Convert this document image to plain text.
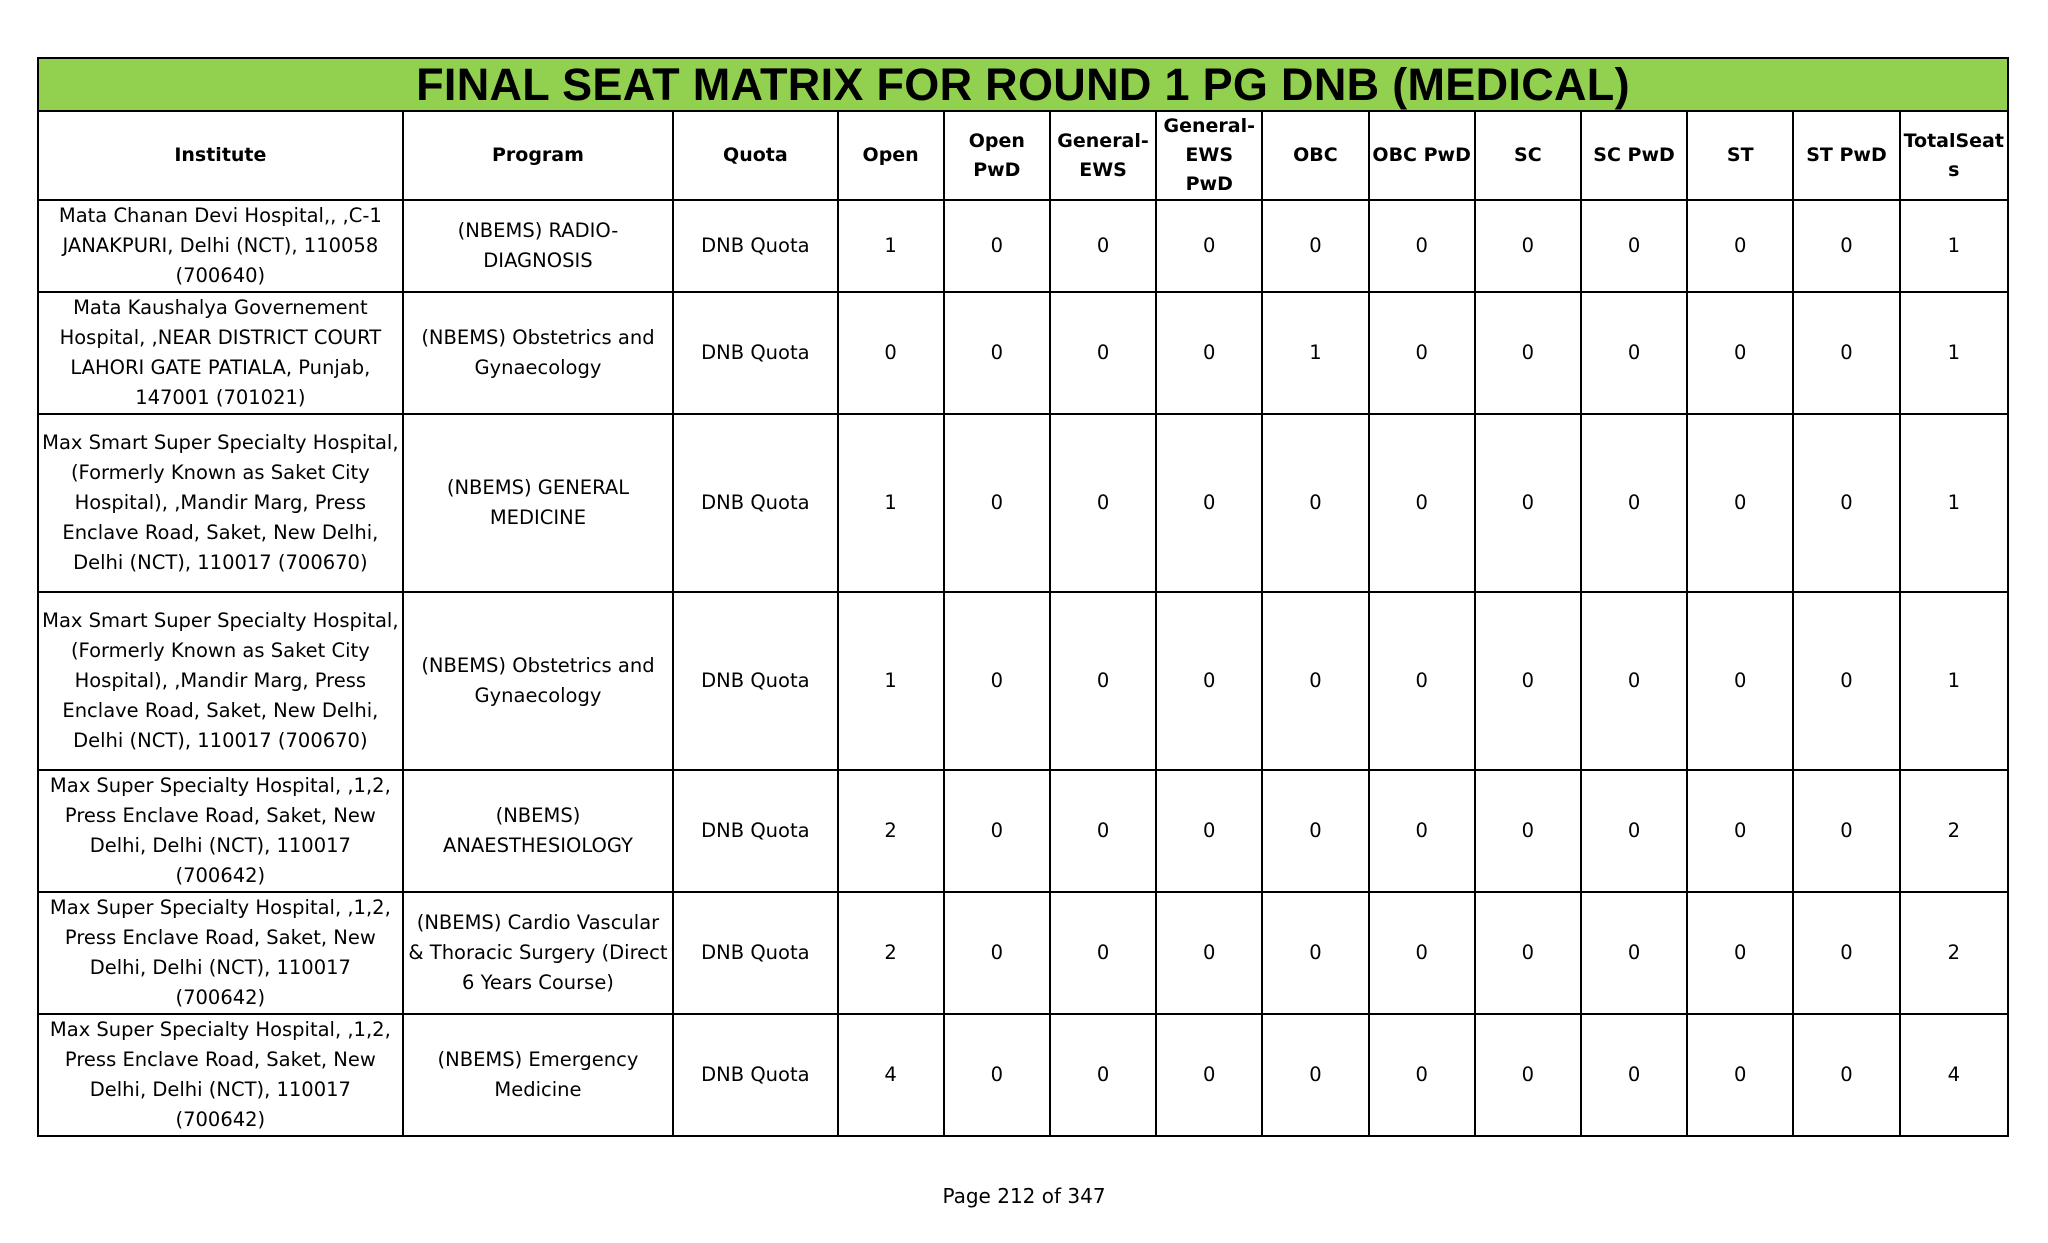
FINAL SEAT MATRIX FOR ROUND 1 PG DNB (MEDICAL)													
Institute	Program	Quota	Open	Open PwD	General-EWS	General-EWS PwD	OBC	OBC PwD	SC	SC PwD	ST	ST PwD	TotalSeats
Mata Chanan Devi Hospital,, ,C-1 JANAKPURI, Delhi (NCT), 110058 (700640)	(NBEMS) RADIO-DIAGNOSIS	DNB Quota	1	0	0	0	0	0	0	0	0	0	1
Mata Kaushalya Governement Hospital, ,NEAR DISTRICT COURT LAHORI GATE PATIALA, Punjab, 147001 (701021)	(NBEMS) Obstetrics and Gynaecology	DNB Quota	0	0	0	0	1	0	0	0	0	0	1
Max Smart Super Specialty Hospital, (Formerly Known as Saket City Hospital), ,Mandir Marg, Press Enclave Road, Saket, New Delhi, Delhi (NCT), 110017 (700670)	(NBEMS) GENERAL MEDICINE	DNB Quota	1	0	0	0	0	0	0	0	0	0	1
Max Smart Super Specialty Hospital, (Formerly Known as Saket City Hospital), ,Mandir Marg, Press Enclave Road, Saket, New Delhi, Delhi (NCT), 110017 (700670)	(NBEMS) Obstetrics and Gynaecology	DNB Quota	1	0	0	0	0	0	0	0	0	0	1
Max Super Specialty Hospital, ,1,2, Press Enclave Road, Saket, New Delhi, Delhi (NCT), 110017 (700642)	(NBEMS) ANAESTHESIOLOGY	DNB Quota	2	0	0	0	0	0	0	0	0	0	2
Max Super Specialty Hospital, ,1,2, Press Enclave Road, Saket, New Delhi, Delhi (NCT), 110017 (700642)	(NBEMS) Cardio Vascular & Thoracic Surgery (Direct 6 Years Course)	DNB Quota	2	0	0	0	0	0	0	0	0	0	2
Max Super Specialty Hospital, ,1,2, Press Enclave Road, Saket, New Delhi, Delhi (NCT), 110017 (700642)	(NBEMS) Emergency Medicine	DNB Quota	4	0	0	0	0	0	0	0	0	0	4
Page 212 of 347
